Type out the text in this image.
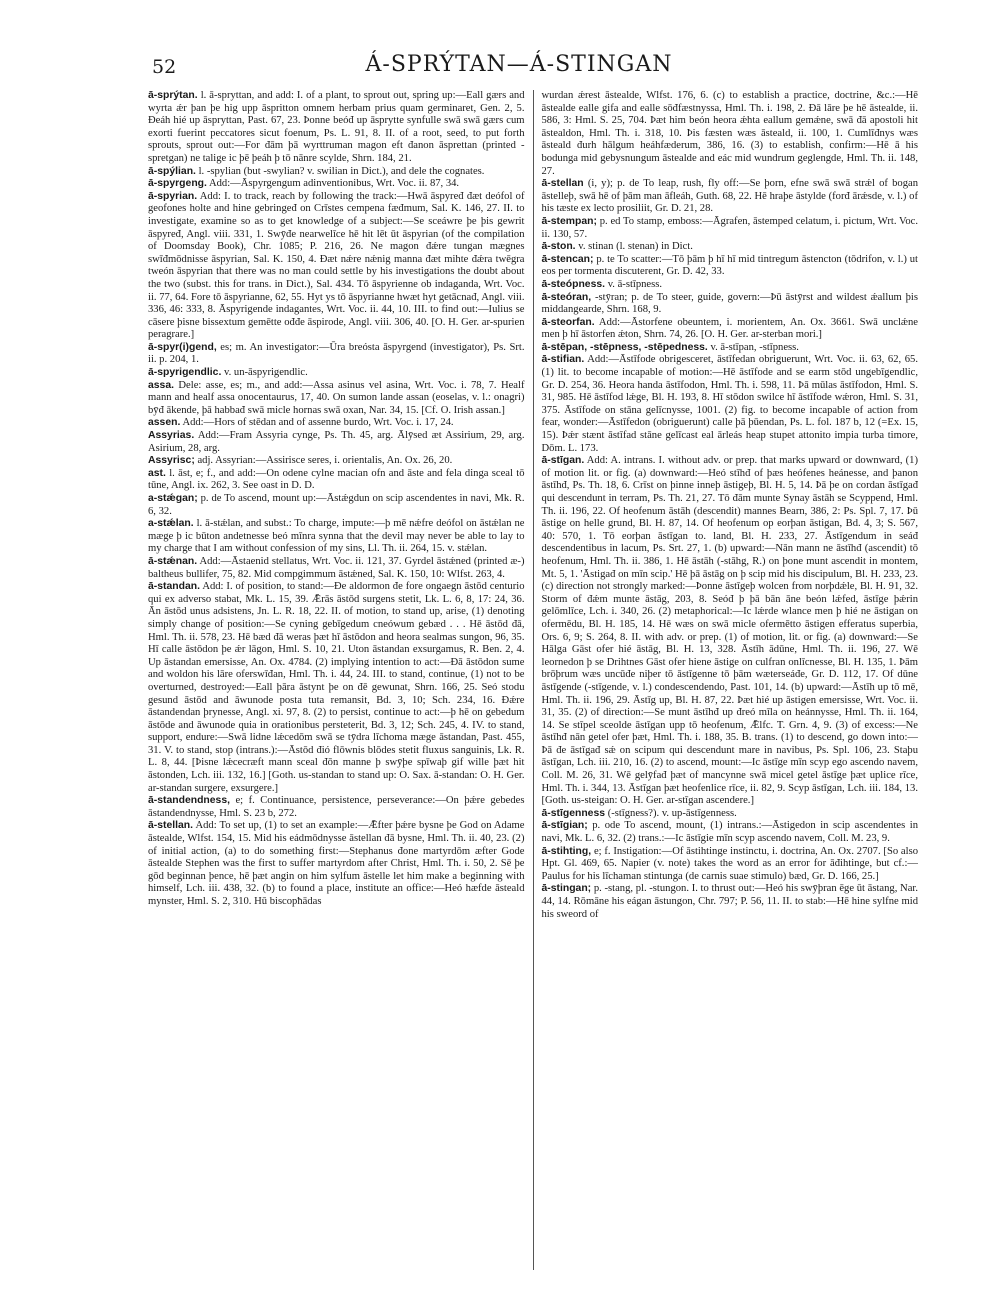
52	Á-SPRÝTAN—Á-STINGAN

ā-sprýtan. l. ā-spryttan, and add: I. of a plant, to sprout out, spring up:—Eall gærs and wyrta ǽr þan þe hig upp āspritton omnem herbam prius quam germinaret, Gen. 2, 5. Đeáh hié up āspryttan, Past. 67, 23. Þonne beóđ up āsprytte synfulle swā swā gærs cum exorti fuerint peccatores sicut foenum, Ps. L. 91, 8. II. of a root, seed, to put forth sprouts, sprout out:—For đām þā wyrttruman magon eft đanon āsprettan (printed -spretgan) ne talige ic þē þeáh þ tō nānre scylde, Shrn. 184, 21.

ā-spýlian. l. -spylian (but -swylian? v. swilian in Dict.), and dele the cognates.

ā-spyrgeng. Add:—Āspyrgengum adinventionibus, Wrt. Voc. ii. 87, 34.

ā-spyrian. Add: I. to track, reach by following the track:—Hwā āspyređ đæt deófol of geofones holte and hine gebringeđ on Crīstes cempena fæđmum, Sal. K. 146, 27. II. to investigate, examine so as to get knowledge of a subject:—Se sceáwre þe þis gewrit āspyređ, Angl. viii. 331, 1. Swȳđe nearwelīce hē hit lēt ūt āspyrian (of the compilation of Doomsday Book), Chr. 1085; P. 216, 26. Ne magon đǽre tungan mægnes swīđmōdnisse āspyrian, Sal. K. 150, 4. Đæt nǽre nǽnig manna đæt mihte đǽra twēgra tweón āspyrian that there was no man could settle by his investigations the doubt about the two (subst. this for trans. in Dict.), Sal. 434. Tō āspyrienne ob indaganda, Wrt. Voc. ii. 77, 64. Fore tō āspyrianne, 62, 55. Hyt ys tō āspyrianne hwæt hyt getācnađ, Angl. viii. 336, 46: 333, 8. Āspyrigende indagantes, Wrt. Voc. ii. 44, 10. III. to find out:—Iulius se cāsere þisne bissextum gemētte ođđe āspirode, Angl. viii. 306, 40. [O. H. Ger. ar-spurien peragrare.]

ā-spyr(i)gend, es; m. An investigator:—Ūra breósta āspyrgend (investigator), Ps. Srt. ii. p. 204, 1.

ā-spyrigendlic. v. un-āspyrigendlic.

assa. Dele: asse, es; m., and add:—Assa asinus vel asina, Wrt. Voc. i. 78, 7. Healf mann and healf assa onocentaurus, 17, 40. On sumon lande assan (eoselas, v. l.: onagri) bȳđ ākende, þā habbađ swā micle hornas swā oxan, Nar. 34, 15. [Cf. O. Irish assan.]

assen. Add:—Hors of stēdan and of assenne burdo, Wrt. Voc. i. 17, 24.

Assyrias. Add:—Fram Assyria cynge, Ps. Th. 45, arg. Ālȳsed æt Assirium, 29, arg. Asirium, 28, arg.

Assyrisc; adj. Assyrian:—Assirisce seres, i. orientalis, An. Ox. 26, 20.

ast. l. āst, e; f., and add:—On odene cylne macian ofn and āste and fela dinga sceal tō tūne, Angl. ix. 262, 3. See oast in D. D.

a-stǽgan; p. de To ascend, mount up:—Āstǽgdun on scip ascendentes in navi, Mk. R. 6, 32.

a-stǽlan. l. ā-stǽlan, and subst.: To charge, impute:—þ mē nǽfre deófol on āstǽlan ne mæge þ ic būton andetnesse beó mīnra synna that the devil may never be able to lay to my charge that I am without confession of my sins, Ll. Th. ii. 264, 15. v. stǽlan.

ā-stǽnan. Add:—Āstaenid stellatus, Wrt. Voc. ii. 121, 37. Gyrdel āstǽned (printed æ-) baltheus bullifer, 75, 82. Mid compgimmum āstǽned, Sal. K. 150, 10: Wlfst. 263, 4.

ā-standan. Add: I. of position, to stand:—Đe aldormon đe fore ongaegn āstōd centurio qui ex adverso stabat, Mk. L. 15, 39. Ǣrās āstōd surgens stetit, Lk. L. 6, 8, 17: 24, 36. Ān āstōd unus adsistens, Jn. L. R. 18, 22. II. of motion, to stand up, arise, (1) denoting simply change of position:—Se cyning gebīgedum cneówum gebæd . . . Hē āstōd đā, Hml. Th. ii. 578, 23. Hē bæd đā weras þæt hī āstōdon and heora sealmas sungon, 96, 35. Hī calle āstōdon þe ǽr lāgon, Hml. S. 10, 21. Uton āstandan exsurgamus, R. Ben. 2, 4. Up āstandan emersisse, An. Ox. 4784. (2) implying intention to act:—Đā āstōdon sume and woldon his lāre oferswīđan, Hml. Th. i. 44, 24. III. to stand, continue, (1) not to be overturned, destroyed:—Eall þāra āstynt þe on đē gewunat, Shrn. 166, 25. Seó stodu gesund āstōd and āwunode posta tuta remansit, Bd. 3, 10; Sch. 234, 16. Đǽre āstandendan þrynesse, Angl. xi. 97, 8. (2) to persist, continue to act:—þ hē on gebedum āstōde and āwunode quia in orationibus persteterit, Bd. 3, 12; Sch. 245, 4. IV. to stand, support, endure:—Swā lidne lǽcedōm swā se tȳdra līchoma mæge āstandan, Past. 455, 31. V. to stand, stop (intrans.):—Āstōd đió flōwnis blōdes stetit fluxus sanguinis, Lk. R. L. 8, 44. [Þisne lǽcecræft mann sceal đōn manne þ swȳþe spīwaþ gif wille þæt hit āstonden, Lch. iii. 132, 16.] [Goth. us-standan to stand up: O. Sax. ā-standan: O. H. Ger. ar-standan surgere, exsurgere.]

ā-standendness, e; f. Continuance, persistence, perseverance:—On þǽre gebedes āstandendnysse, Hml. S. 23 b, 272.

ā-stellan. Add: To set up, (1) to set an example:—Ǣfter þǽre bysne þe God on Adame āstealde, Wlfst. 154, 15. Mid his eádmōdnysse āstellan đā bysne, Hml. Th. ii. 40, 23. (2) of initial action, (a) to do something first:—Stephanus đone martyrdōm æfter Gode āstealde Stephen was the first to suffer martyrdom after Christ, Hml. Th. i. 50, 2. Sē þe gōd beginnan þence, hē þæt angin on him sylfum āstelle let him make a beginning with himself, Lch. iii. 438, 32. (b) to found a place, institute an office:—Heó hæfde āsteald mynster, Hml. S. 2, 310. Hū biscopħādas

wurdan ǽrest āstealde, Wlfst. 176, 6. (c) to establish a practice, doctrine, &c.:—Hē āstealde ealle gifa and ealle sōđfæstnyssa, Hml. Th. i. 198, 2. Đā lāre þe hē āstealde, ii. 586, 3: Hml. S. 25, 704. Þæt him beón heora ǽhta eallum gemǽne, swā đā apostoli hit āstealdon, Hml. Th. i. 318, 10. Þis fæsten wæs āsteald, ii. 100, 1. Cumlīđnys wæs āsteald đurh hālgum heáhfæderum, 386, 16. (3) to establish, confirm:—Hē ā his bodunga mid gebysnungum āstealde and eác mid wundrum geglengde, Hml. Th. ii. 148, 27.

ā-stellan (i, y); p. de To leap, rush, fly off:—Se þorn, efne swā swā strǽl of bogan āstelleþ, swā hē of þām man āfleáh, Guth. 68, 22. Hē hraþe āstylde (forđ ārǽsde, v. l.) of his tæste ex lecto prosiliit, Gr. D. 21, 28.

ā-stempan; p. ed To stamp, emboss:—Āgrafen, āstemped celatum, i. pictum, Wrt. Voc. ii. 130, 57.

ā-ston. v. stinan (l. stenan) in Dict.

ā-stencan; p. te To scatter:—Tō þām þ hī hī mid tintregum āstencton (tōdrifon, v. l.) ut eos per tormenta discuterent, Gr. D. 42, 33.

ā-steópness. v. ā-stīpness.

ā-steóran, -stȳran; p. de To steer, guide, govern:—Þū āstȳrst and wildest ǽallum þis middangearde, Shrn. 168, 9.

ā-steorfan. Add:—Āstorfene obeuntem, i. morientem, An. Ox. 3661. Swā unclǽne men þ hī āstorfen ǽton, Shrn. 74, 26. [O. H. Ger. ar-sterban mori.]

ā-stēpan, -stēpness, -stēpedness. v. ā-stīpan, -stīpness.

ā-stifian. Add:—Āstīfode obrigesceret, āstīfedan obriguerunt, Wrt. Voc. ii. 63, 62, 65. (1) lit. to become incapable of motion:—Hē āstīfode and se earm stōd ungebīgendlic, Gr. D. 254, 36. Heora handa āstīfodon, Hml. Th. i. 598, 11. Þā mūlas āstīfodon, Hml. S. 31, 985. Hē āstīfod lǽge, Bl. H. 193, 8. Hī stōdon swilce hī āstīfode wǽron, Hml. S. 31, 375. Āstīfode on stāna gelīcnysse, 1001. (2) fig. to become incapable of action from fear, wonder:—Āstīfedon (obriguerunt) calle þā þūendan, Ps. L. fol. 187 b, 12 (=Ex. 15, 15). Þǽr stænt āstīfad stāne gelīcast eal ārleás heap stupet attonito impia turba timore, Dōm. L. 173.

ā-stīgan. Add: A. intrans. I. without adv. or prep. that marks upward or downward, (1) of motion lit. or fig. (a) downward:—Heó stīhđ of þæs heófenes heánesse, and þanon āstīhđ, Ps. Th. 18, 6. Crīst on þinne inneþ āstigeþ, Bl. H. 5, 14. Þā þe on cordan āstīgađ qui descendunt in terram, Ps. Th. 21, 27. Tō đām munte Synay āstāh se Scyppend, Hml. Th. ii. 196, 22. Of heofenum āstāh (descendit) mannes Bearn, 386, 2: Ps. Spl. 7, 17. Þū āstige on helle grund, Bl. H. 87, 14. Of heofenum op eorþan āstigan, Bd. 4, 3; S. 567, 40: 570, 1. Tō eorþan āstīgan to. land, Bl. H. 233, 27. Āstīgendum in seáđ descendentibus in lacum, Ps. Srt. 27, 1. (b) upward:—Nān mann ne āstīhđ (ascendit) tō heofenum, Hml. Th. ii. 386, 1. Hē āstāh (-stāhg, R.) on þone munt ascendit in montem, Mt. 5, 1. 'Āstigađ on mīn scip.' Hē þā āstāg on þ scip mid his discipulum, Bl. H. 233, 23. (c) direction not strongly marked:—Þonne āstīgeþ wolcen from norþdǽle, Bl. H. 91, 32. Storm of đǽm munte āstāg, 203, 8. Seóđ þ þā bān āne beón lǽfed, āstīge þǽrin gelōmlīce, Lch. i. 340, 26. (2) metaphorical:—Ic lǽrde wlance men þ hié ne āstigan on ofermēdu, Bl. H. 185, 14. Hē wæs on swā micle ofermētto āstigen efferatus superbia, Ors. 6, 9; S. 264, 8. II. with adv. or prep. (1) of motion, lit. or fig. (a) downward:—Se Hālga Gāst ofer hié āstāg, Bl. H. 13, 328. Āstīh ādūne, Hml. Th. ii. 196, 27. Wē leornedon þ se Drihtnes Gāst ofer hiene āstige on culfran onlīcnesse, Bl. H. 135, 1. Þām brōþrum wæs uncūđe niþer tō āstīgenne tō þām wæterseáđe, Gr. D. 112, 17. Of dūne āstīgende (-stīgende, v. l.) condescendendo, Past. 101, 14. (b) upward:—Āstīh up tō mē, Hml. Th. ii. 196, 29. Āstīg up, Bl. H. 87, 22. Þæt hié up āstigen emersisse, Wrt. Voc. ii. 31, 35. (2) of direction:—Se munt āstīhđ up đreó mīla on heánnysse, Hml. Th. ii. 164, 14. Se stīpel sceolde āstīgan upp tō heofenum, Ǣlfc. T. Grn. 4, 9. (3) of excess:—Ne āstīhđ nān getel ofer þæt, Hml. Th. i. 188, 35. B. trans. (1) to descend, go down into:—Þā đe āstīgađ sǽ on scipum qui descendunt mare in navibus, Ps. Spl. 106, 23. Staþu āstīgan, Lch. iii. 210, 16. (2) to ascend, mount:—Ic āstīge mīn scyp ego ascendo navem, Coll. M. 26, 31. Wē gelȳfađ þæt of mancynne swā micel getel āstīge þæt uplice rīce, Hml. Th. i. 344, 13. Āstīgan þæt heofenlice rīce, ii. 82, 9. Scyp āstīgan, Lch. iii. 184, 13. [Goth. us-steigan: O. H. Ger. ar-stīgan ascendere.]

ā-stīgenness (-stīgness?). v. up-āstīgenness.

ā-stīgian; p. ode To ascend, mount, (1) intrans.:—Āstigedon in scip ascendentes in navi, Mk. L. 6, 32. (2) trans.:—Ic āstīgie mīn scyp ascendo navem, Coll. M. 23, 9.

ā-stihting, e; f. Instigation:—Of āstihtinge instinctu, i. doctrina, An. Ox. 2707. [So also Hpt. Gl. 469, 65. Napier (v. note) takes the word as an error for āđihtinge, but cf.:—Paulus for his līchaman stintunga (de carnis suae stimulo) bæd, Gr. D. 166, 25.]

ā-stingan; p. -stang, pl. -stungon. I. to thrust out:—Heó his swȳþran ēge ūt āstang, Nar. 44, 14. Rōmāne his eágan āstungon, Chr. 797; P. 56, 11. II. to stab:—Hē hine sylfne mid his sweord of
